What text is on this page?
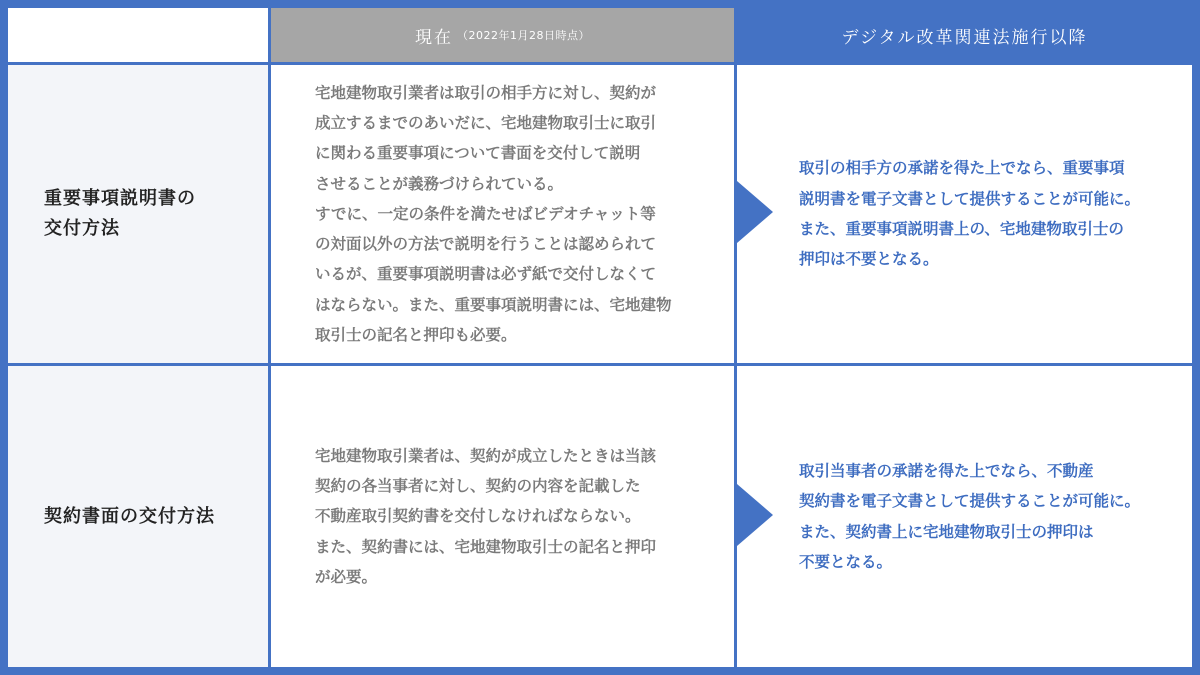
現在 （2022年1月28日時点）	デジタル改革関連法施行以降
重要事項説明書の
交付方法
宅地建物取引業者は取引の相手方に対し、契約が
成立するまでのあいだに、宅地建物取引士に取引
に関わる重要事項について書面を交付して説明
させることが義務づけられている。
すでに、一定の条件を満たせばビデオチャット等
の対面以外の方法で説明を行うことは認められて
いるが、重要事項説明書は必ず紙で交付しなくて
はならない。また、重要事項説明書には、宅地建物
取引士の記名と押印も必要。
取引の相手方の承諾を得た上でなら、重要事項
説明書を電子文書として提供することが可能に。
また、重要事項説明書上の、宅地建物取引士の
押印は不要となる。
契約書面の交付方法
宅地建物取引業者は、契約が成立したときは当該
契約の各当事者に対し、契約の内容を記載した
不動産取引契約書を交付しなければならない。
また、契約書には、宅地建物取引士の記名と押印
が必要。
取引当事者の承諾を得た上でなら、不動産
契約書を電子文書として提供することが可能に。
また、契約書上に宅地建物取引士の押印は
不要となる。
